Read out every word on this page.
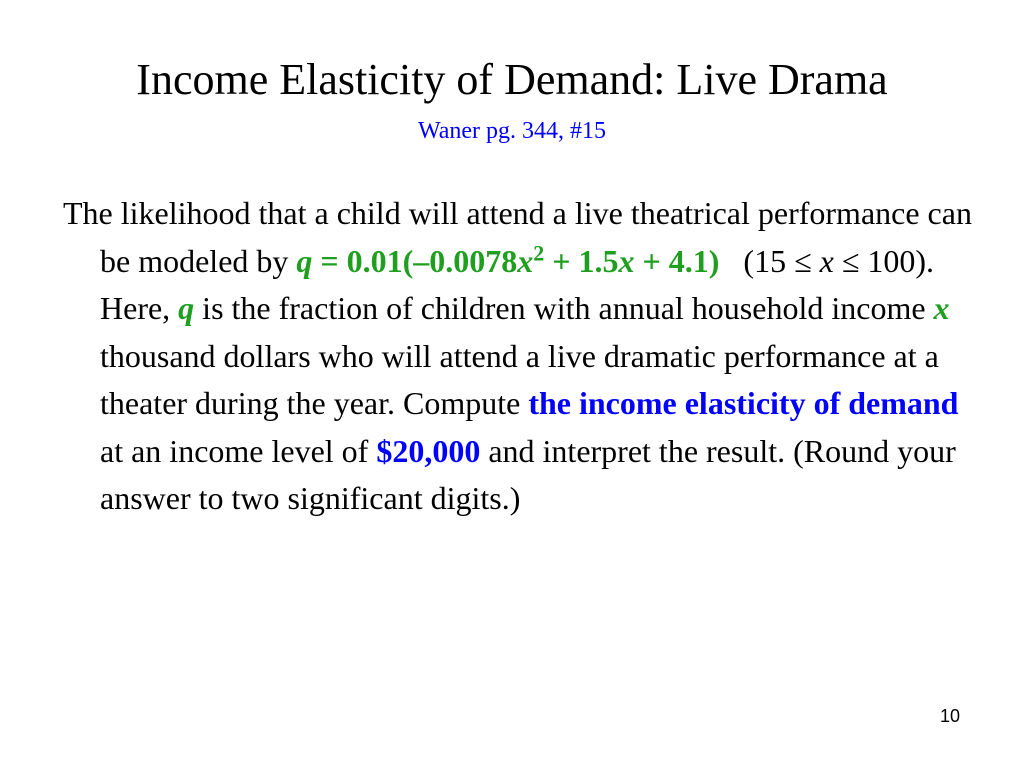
Income Elasticity of Demand: Live Drama
Waner pg. 344, #15
The likelihood that a child will attend a live theatrical performance can be modeled by $q = 0.01(-0.0078x^2 + 1.5x + 4.1) (15 \le x \le 100)$. Here, q is the fraction of children with annual household income x thousand dollars who will attend a live dramatic performance at a theater during the year. Compute the income elasticity of demand at an income level of $20,000 and interpret the result. (Round your answer to two significant digits.)
10
